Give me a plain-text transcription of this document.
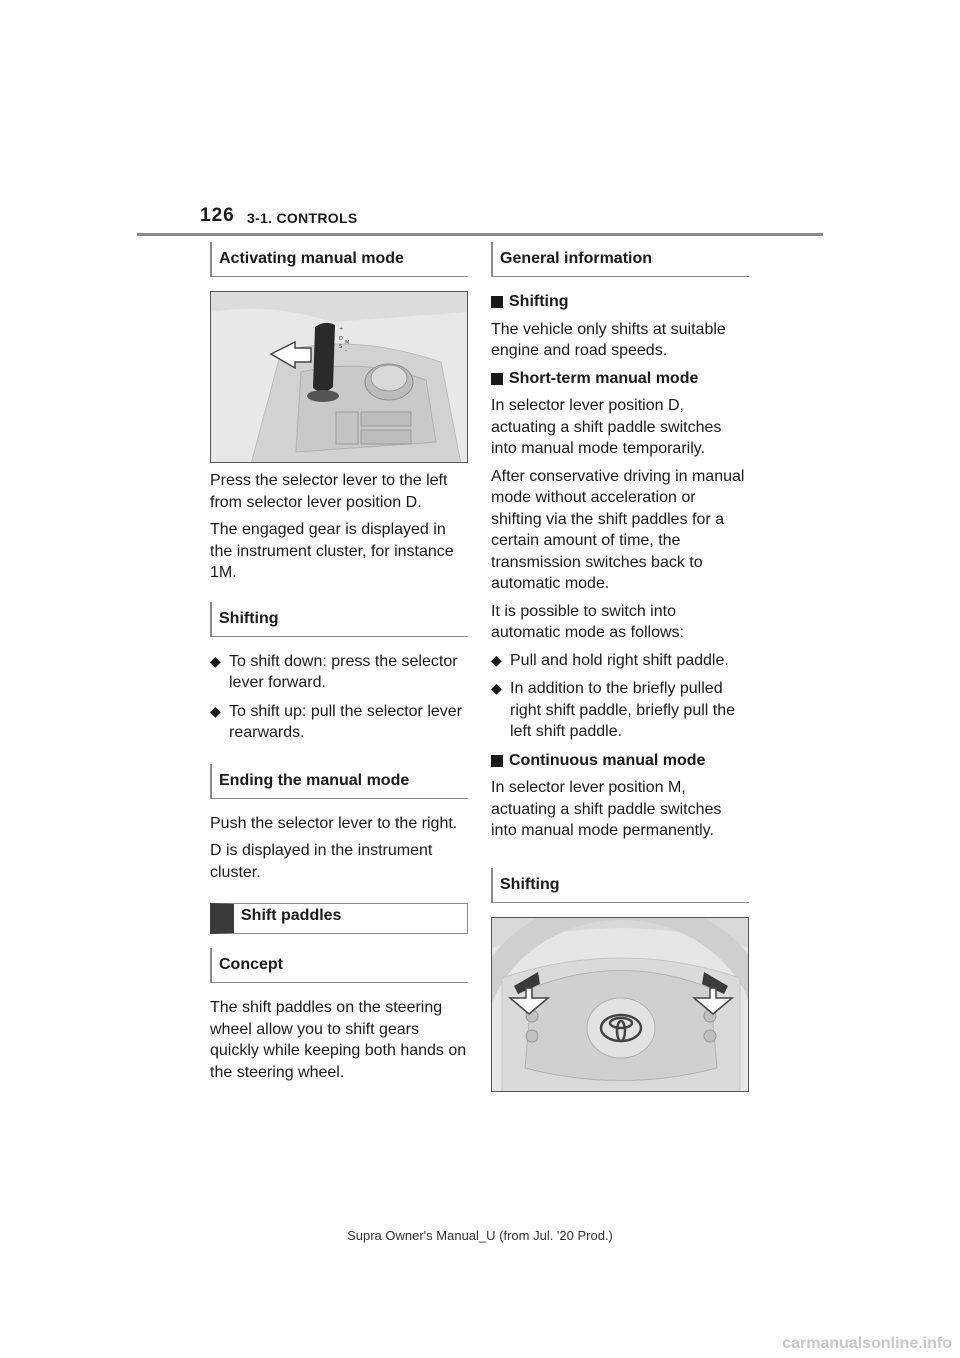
126 3-1. CONTROLS
Activating manual mode
+
D
S
M
-

Press the selector lever to the left from selector lever position D.

The engaged gear is displayed in the instrument cluster, for instance 1M.

Shifting
◆ To shift down: press the selector lever forward.
◆ To shift up: pull the selector lever rearwards.
Ending the manual mode

Push the selector lever to the right.

D is displayed in the instrument cluster.

Shift paddles
Concept

The shift paddles on the steering wheel allow you to shift gears quickly while keeping both hands on the steering wheel.

General information
Shifting

The vehicle only shifts at suitable engine and road speeds.

Short-term manual mode

In selector lever position D, actuating a shift paddle switches into manual mode temporarily.

After conservative driving in manual mode without acceleration or shifting via the shift paddles for a certain amount of time, the transmission switches back to automatic mode.

It is possible to switch into automatic mode as follows:

◆ Pull and hold right shift paddle.
◆ In addition to the briefly pulled right shift paddle, briefly pull the left shift paddle.
Continuous manual mode

In selector lever position M, actuating a shift paddle switches into manual mode permanently.

Shifting
Supra Owner's Manual_U (from Jul. '20 Prod.)
carmanualsonline.info
